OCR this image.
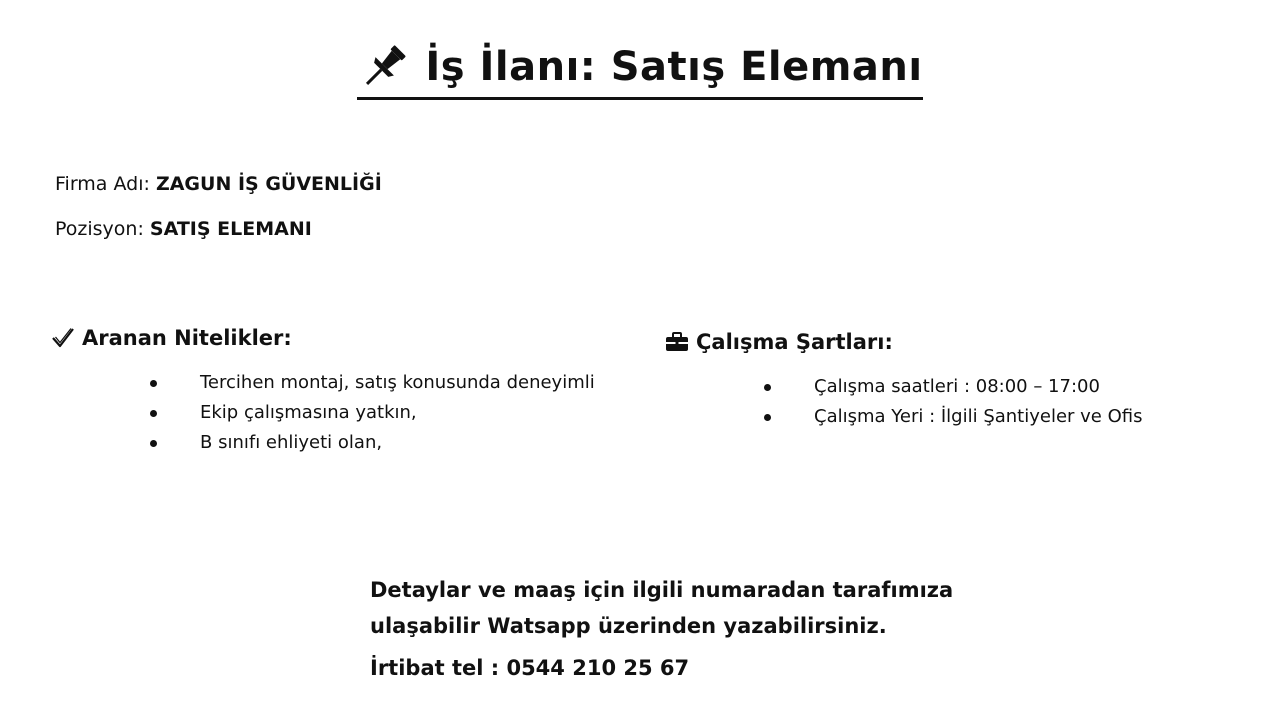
İş İlanı: Satış Elemanı
Firma Adı: ZAGUN İŞ GÜVENLİĞİ
Pozisyon: SATIŞ ELEMANI
Aranan Nitelikler:
Tercihen montaj, satış konusunda deneyimli
Ekip çalışmasına yatkın,
B sınıfı ehliyeti olan,
Çalışma Şartları:
Çalışma saatleri : 08:00 – 17:00
Çalışma Yeri : İlgili Şantiyeler ve Ofis
Detaylar ve maaş için ilgili numaradan tarafımıza
ulaşabilir Watsapp üzerinden yazabilirsiniz.
İrtibat tel : 0544 210 25 67
